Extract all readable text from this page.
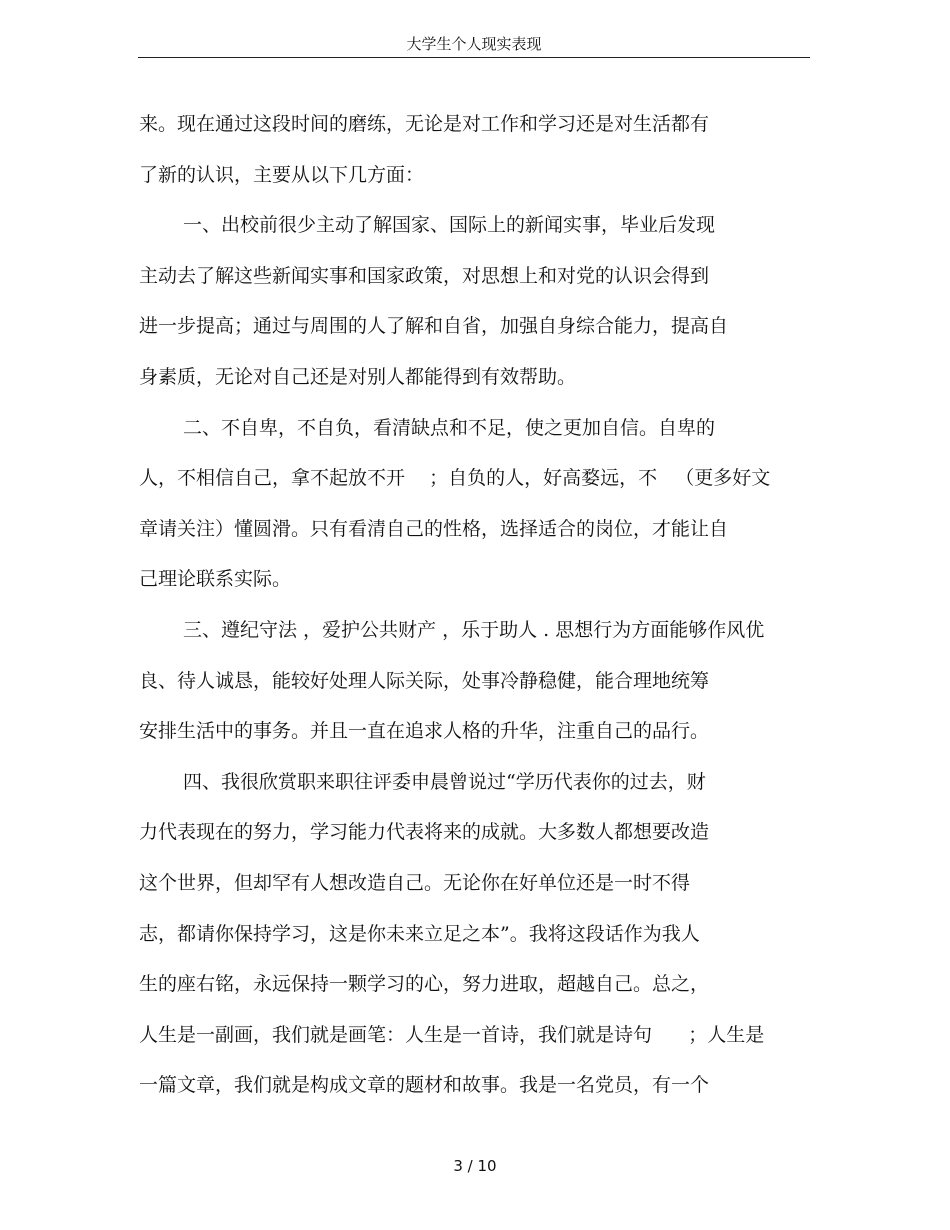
大学生个人现实表现
来。现在通过这段时间的磨练，无论是对工作和学习还是对生活都有
了新的认识，主要从以下几方面：
一、出校前很少主动了解国家、国际上的新闻实事，毕业后发现
主动去了解这些新闻实事和国家政策，对思想上和对党的认识会得到
进一步提高；通过与周围的人了解和自省，加强自身综合能力，提高自
身素质，无论对自己还是对别人都能得到有效帮助。
二、不自卑，不自负，看清缺点和不足，使之更加自信。自卑的
人，不相信自己，拿不起放不开    ；自负的人，好高婺远，不   （更多好文
章请关注）懂圆滑。只有看清自己的性格，选择适合的岗位，才能让自
己理论联系实际。
三、遵纪守法 ，爱护公共财产 ，乐于助人 . 思想行为方面能够作风优
良、待人诚恳，能较好处理人际关际，处事冷静稳健，能合理地统筹
安排生活中的事务。并且一直在追求人格的升华，注重自己的品行。
四、我很欣赏职来职往评委申晨曾说过“学历代表你的过去，财
力代表现在的努力，学习能力代表将来的成就。大多数人都想要改造
这个世界，但却罕有人想改造自己。无论你在好单位还是一时不得
志，都请你保持学习，这是你未来立足之本”。我将这段话作为我人
生的座右铭，永远保持一颗学习的心，努力进取，超越自己。总之，
人生是一副画，我们就是画笔：人生是一首诗，我们就是诗句      ；人生是
一篇文章，我们就是构成文章的题材和故事。我是一名党员，有一个
3 / 10
